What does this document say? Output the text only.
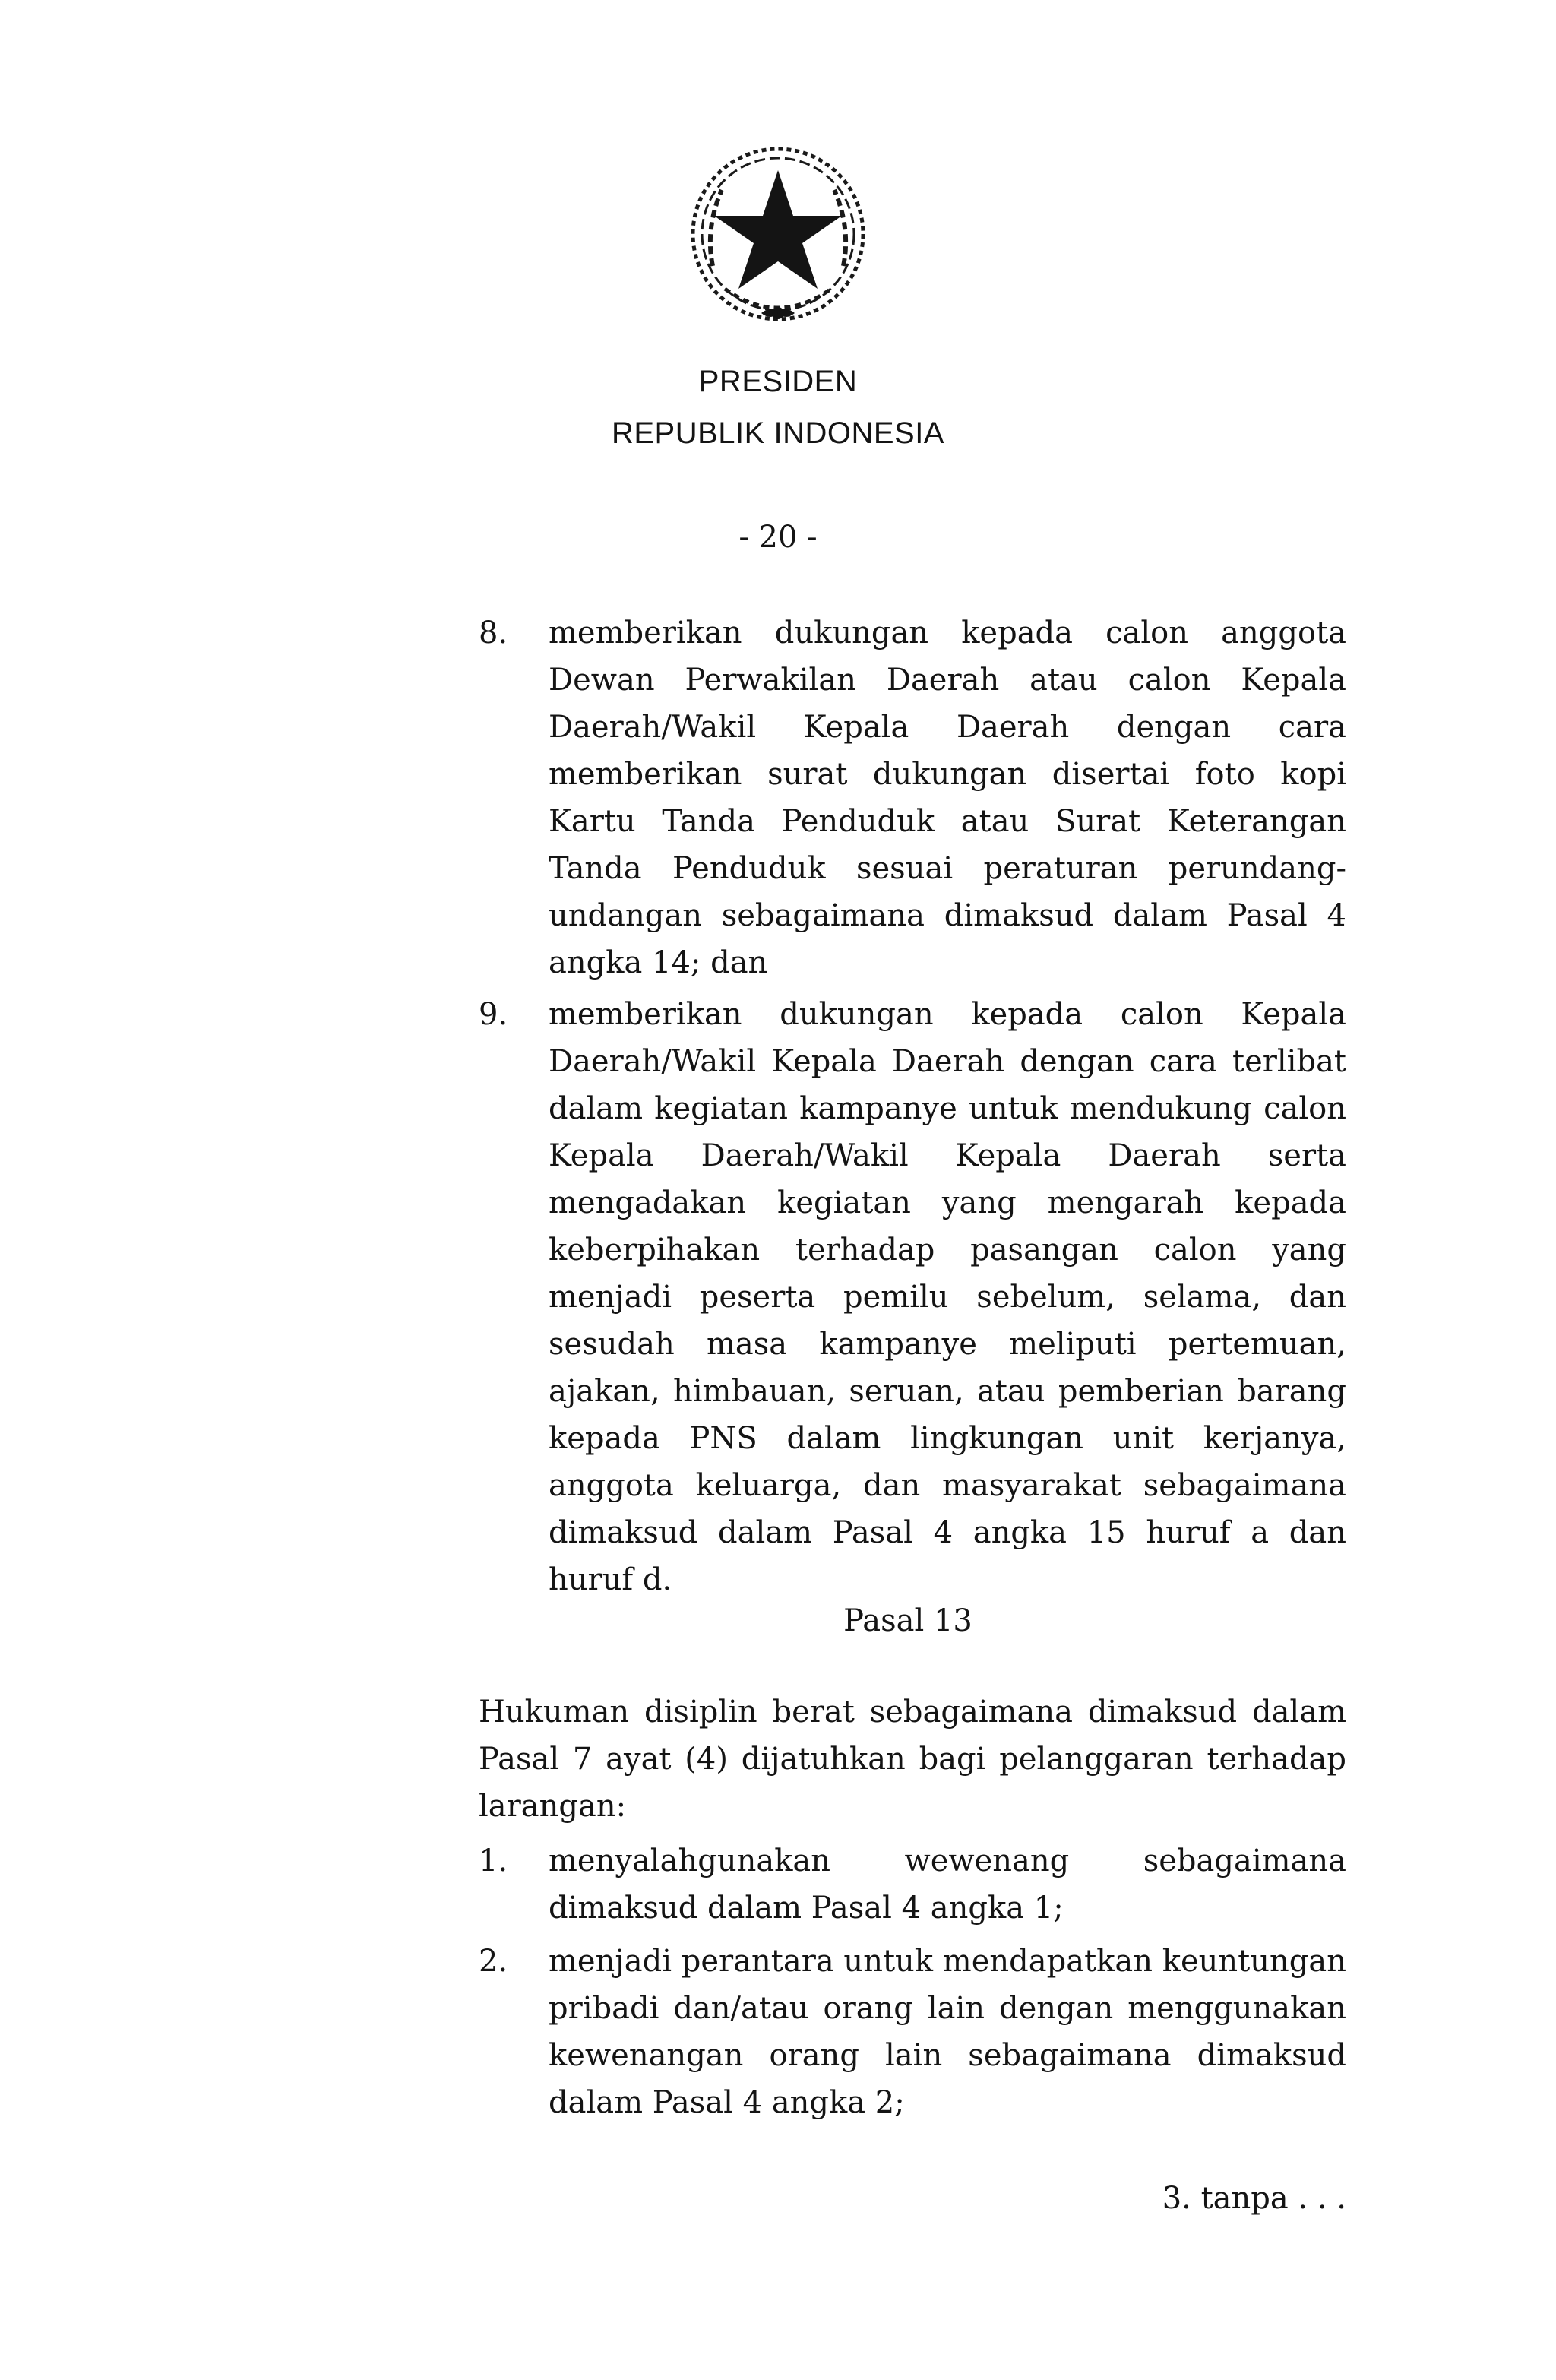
PRESIDEN
REPUBLIK INDONESIA
- 20 -
8. memberikan dukungan kepada calon anggota Dewan Perwakilan Daerah atau calon Kepala Daerah/Wakil Kepala Daerah dengan cara memberikan surat dukungan disertai foto kopi Kartu Tanda Penduduk atau Surat Keterangan Tanda Penduduk sesuai peraturan perundang-undangan sebagaimana dimaksud dalam Pasal 4 angka 14; dan
9. memberikan dukungan kepada calon Kepala Daerah/Wakil Kepala Daerah dengan cara terlibat dalam kegiatan kampanye untuk mendukung calon Kepala Daerah/Wakil Kepala Daerah serta mengadakan kegiatan yang mengarah kepada keberpihakan terhadap pasangan calon yang menjadi peserta pemilu sebelum, selama, dan sesudah masa kampanye meliputi pertemuan, ajakan, himbauan, seruan, atau pemberian barang kepada PNS dalam lingkungan unit kerjanya, anggota keluarga, dan masyarakat sebagaimana dimaksud dalam Pasal 4 angka 15 huruf a dan huruf d.
Pasal 13
Hukuman disiplin berat sebagaimana dimaksud dalam Pasal 7 ayat (4) dijatuhkan bagi pelanggaran terhadap larangan:
1. menyalahgunakan wewenang sebagaimana dimaksud dalam Pasal 4 angka 1;
2. menjadi perantara untuk mendapatkan keuntungan pribadi dan/atau orang lain dengan menggunakan kewenangan orang lain sebagaimana dimaksud dalam Pasal 4 angka 2;
3. tanpa . . .
